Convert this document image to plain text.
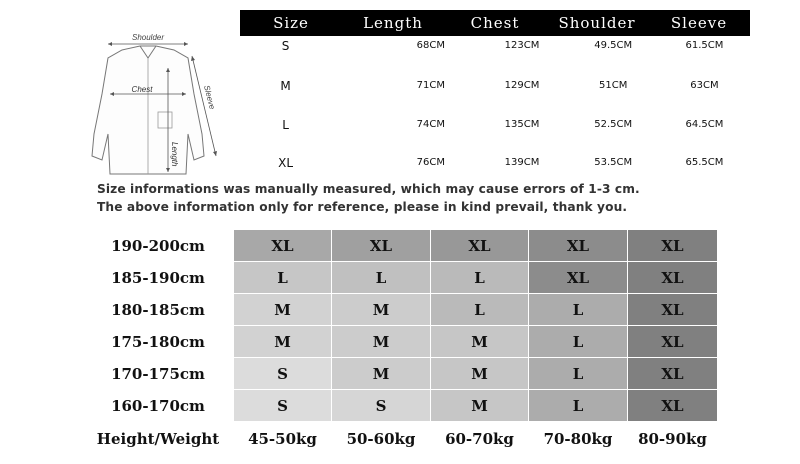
Shoulder
Chest
Length
Sleeve
Size	Length	Chest	Shoulder	Sleeve
S	68CM	123CM	49.5CM	61.5CM
M	71CM	129CM	51CM	63CM
L	74CM	135CM	52.5CM	64.5CM
XL	76CM	139CM	53.5CM	65.5CM
Size informations was manually measured, which may cause errors of 1-3 cm.
The above information only for reference, please in kind prevail, thank you.
190-200cm	XL	XL	XL	XL	XL
185-190cm	L	L	L	XL	XL
180-185cm	M	M	L	L	XL
175-180cm	M	M	M	L	XL
170-175cm	S	M	M	L	XL
160-170cm	S	S	M	L	XL
Height/Weight	45-50kg	50-60kg	60-70kg	70-80kg	80-90kg
